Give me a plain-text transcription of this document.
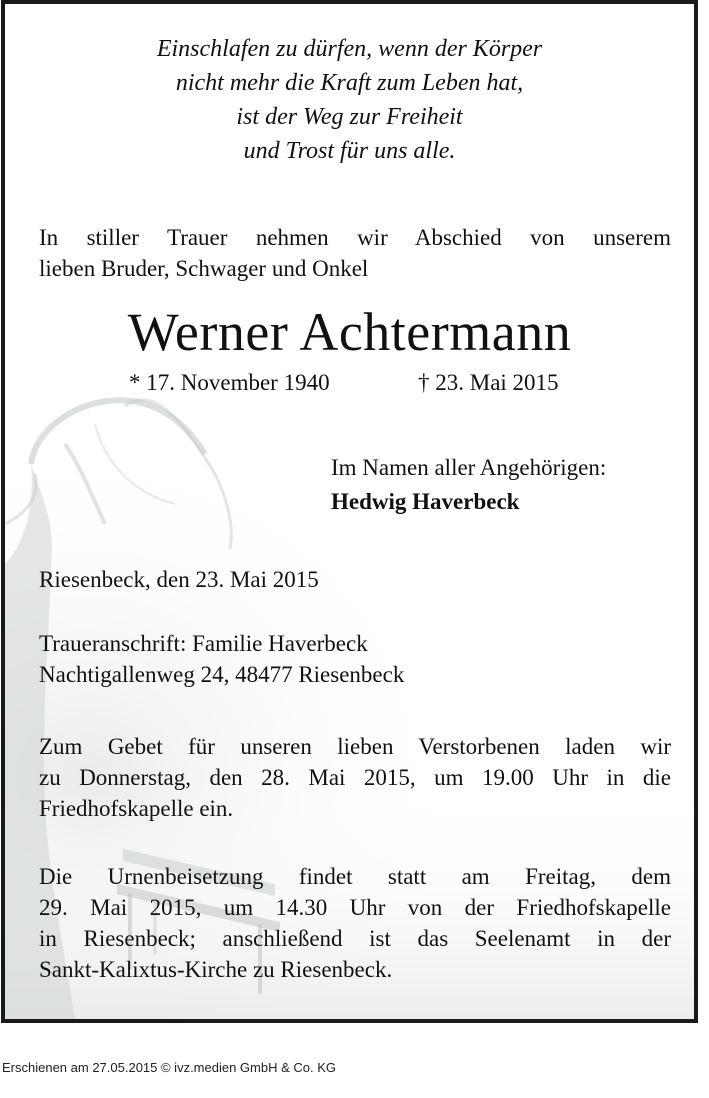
Einschlafen zu dürfen, wenn der Körper
nicht mehr die Kraft zum Leben hat,
ist der Weg zur Freiheit
und Trost für uns alle.
In stiller Trauer nehmen wir Abschied von unserem
lieben Bruder, Schwager und Onkel
Werner Achtermann
* 17. November 1940	† 23. Mai 2015
Im Namen aller Angehörigen:
Hedwig Haverbeck
Riesenbeck, den 23. Mai 2015
Traueranschrift: Familie Haverbeck
Nachtigallenweg 24, 48477 Riesenbeck
Zum Gebet für unseren lieben Verstorbenen laden wir
zu Donnerstag, den 28. Mai 2015, um 19.00 Uhr in die
Friedhofskapelle ein.
Die Urnenbeisetzung findet statt am Freitag, dem
29. Mai 2015, um 14.30 Uhr von der Friedhofskapelle
in Riesenbeck; anschließend ist das Seelenamt in der
Sankt-Kalixtus-Kirche zu Riesenbeck.
Erschienen am 27.05.2015 © ivz.medien GmbH & Co. KG
